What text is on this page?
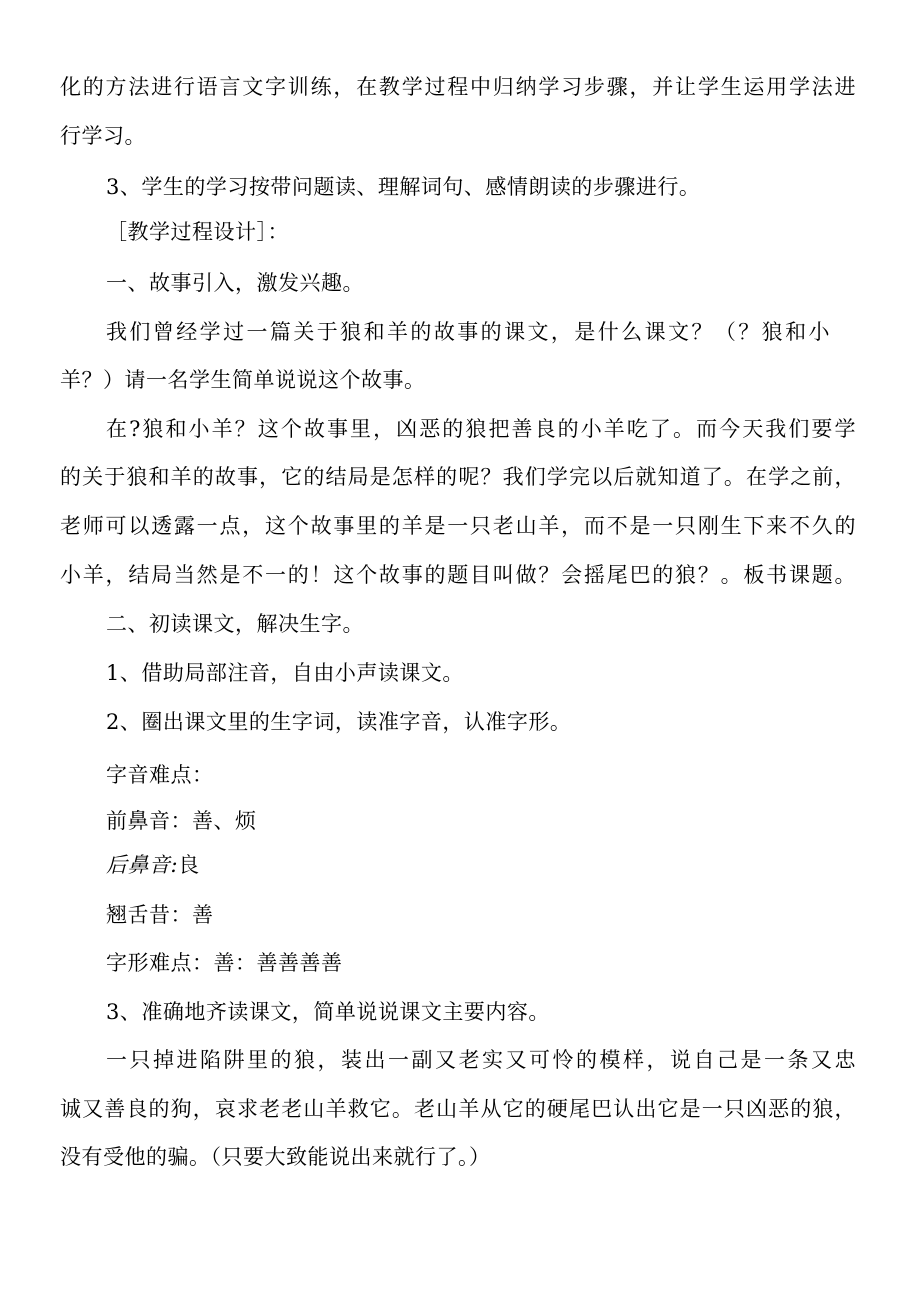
化的方法进行语言文字训练，在教学过程中归纳学习步骤，并让学生运用学法进
行学习。
3、学生的学习按带问题读、理解词句、感情朗读的步骤进行。
［教学过程设计］：
一、故事引入，激发兴趣。
我们曾经学过一篇关于狼和羊的故事的课文，是什么课文？（？狼和小
羊？）请一名学生简单说说这个故事。
在?狼和小羊？这个故事里，凶恶的狼把善良的小羊吃了。而今天我们要学
的关于狼和羊的故事，它的结局是怎样的呢？我们学完以后就知道了。在学之前，
老师可以透露一点，这个故事里的羊是一只老山羊，而不是一只刚生下来不久的
小羊，结局当然是不一的！这个故事的题目叫做？会摇尾巴的狼？。板书课题。
二、初读课文，解决生字。
1、借助局部注音，自由小声读课文。
2、圈出课文里的生字词，读准字音，认准字形。
字音难点：
前鼻音：善、烦
后鼻音:良
翘舌昔：善
字形难点：善：善善善善
3、准确地齐读课文，简单说说课文主要内容。
一只掉进陷阱里的狼，装出一副又老实又可怜的模样，说自己是一条又忠
诚又善良的狗，哀求老老山羊救它。老山羊从它的硬尾巴认出它是一只凶恶的狼，
没有受他的骗。（只要大致能说出来就行了。）
